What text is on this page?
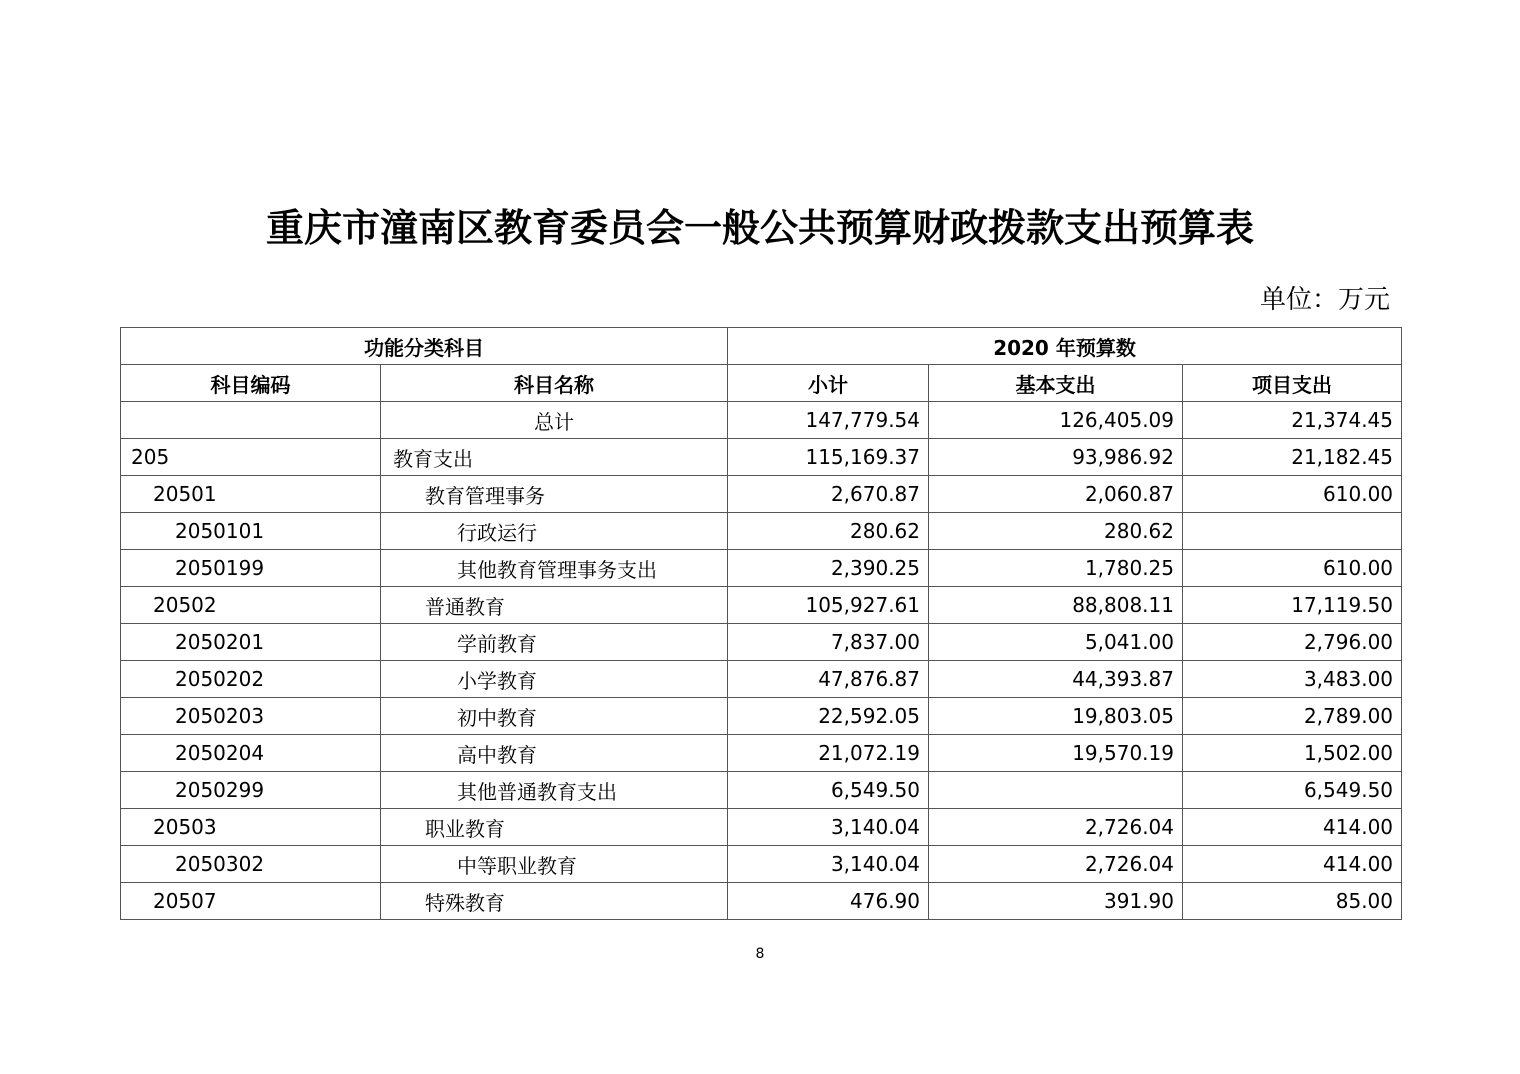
重庆市潼南区教育委员会一般公共预算财政拨款支出预算表
单位：万元
功能分类科目		2020 年预算数		
科目编码	科目名称	小计	基本支出	项目支出
	总计	147,779.54	126,405.09	21,374.45
205	教育支出	115,169.37	93,986.92	21,182.45
20501	教育管理事务	2,670.87	2,060.87	610.00
2050101	行政运行	280.62	280.62	
2050199	其他教育管理事务支出	2,390.25	1,780.25	610.00
20502	普通教育	105,927.61	88,808.11	17,119.50
2050201	学前教育	7,837.00	5,041.00	2,796.00
2050202	小学教育	47,876.87	44,393.87	3,483.00
2050203	初中教育	22,592.05	19,803.05	2,789.00
2050204	高中教育	21,072.19	19,570.19	1,502.00
2050299	其他普通教育支出	6,549.50		6,549.50
20503	职业教育	3,140.04	2,726.04	414.00
2050302	中等职业教育	3,140.04	2,726.04	414.00
20507	特殊教育	476.90	391.90	85.00
8
